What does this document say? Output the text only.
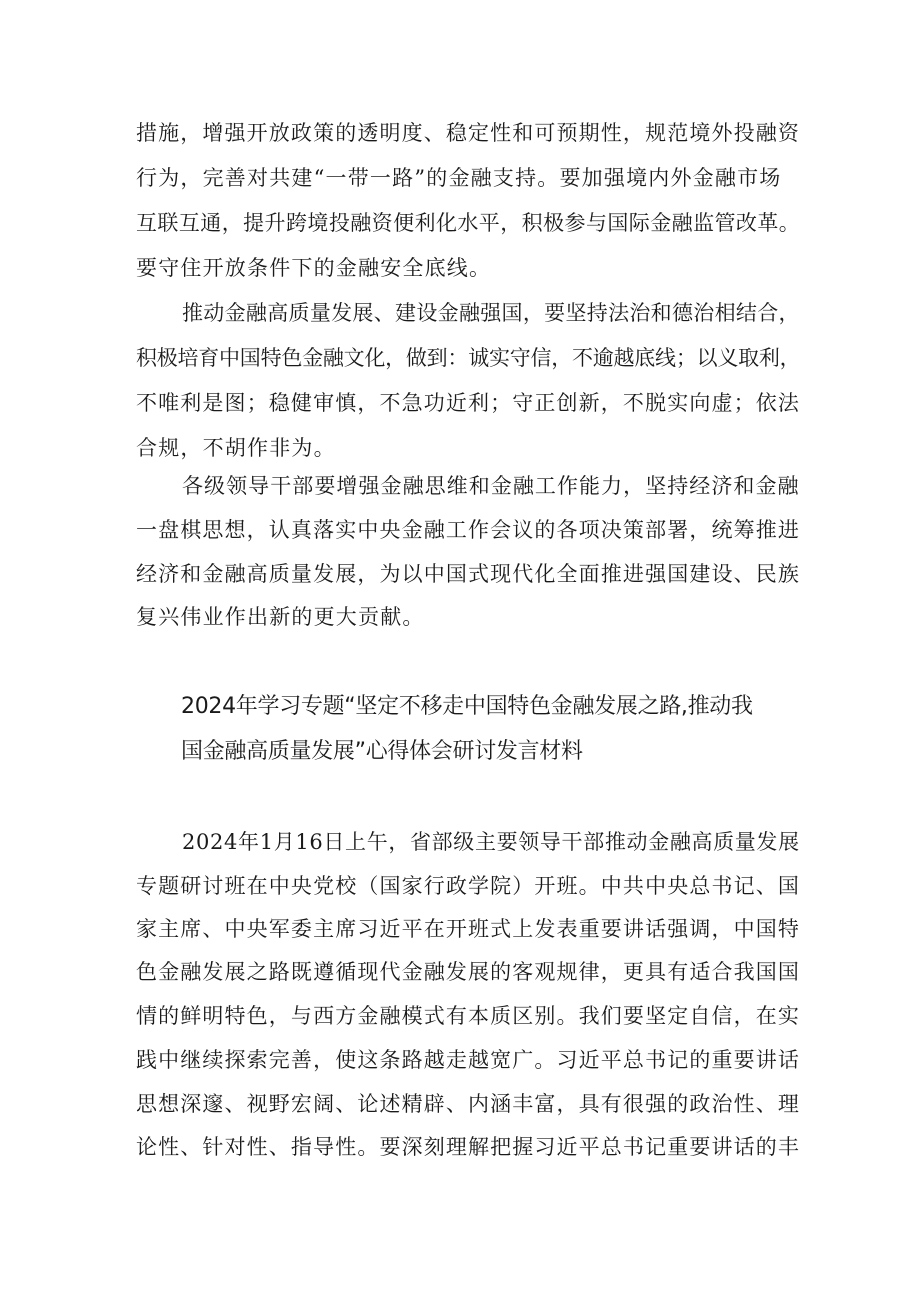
措施，增强开放政策的透明度、稳定性和可预期性，规范境外投融资
行为，完善对共建“一带一路”的金融支持。要加强境内外金融市场
互联互通，提升跨境投融资便利化水平，积极参与国际金融监管改革。
要守住开放条件下的金融安全底线。
推动金融高质量发展、建设金融强国，要坚持法治和德治相结合，
积极培育中国特色金融文化，做到：诚实守信，不逾越底线；以义取利，
不唯利是图；稳健审慎，不急功近利；守正创新，不脱实向虚；依法
合规，不胡作非为。
各级领导干部要增强金融思维和金融工作能力，坚持经济和金融
一盘棋思想，认真落实中央金融工作会议的各项决策部署，统筹推进
经济和金融高质量发展，为以中国式现代化全面推进强国建设、民族
复兴伟业作出新的更大贡献。
2024年学习专题“坚定不移走中国特色金融发展之路,推动我
国金融高质量发展”心得体会研讨发言材料
2024年1月16日上午，省部级主要领导干部推动金融高质量发展
专题研讨班在中央党校（国家行政学院）开班。中共中央总书记、国
家主席、中央军委主席习近平在开班式上发表重要讲话强调，中国特
色金融发展之路既遵循现代金融发展的客观规律，更具有适合我国国
情的鲜明特色，与西方金融模式有本质区别。我们要坚定自信，在实
践中继续探索完善，使这条路越走越宽广。习近平总书记的重要讲话
思想深邃、视野宏阔、论述精辟、内涵丰富，具有很强的政治性、理
论性、针对性、指导性。要深刻理解把握习近平总书记重要讲话的丰
